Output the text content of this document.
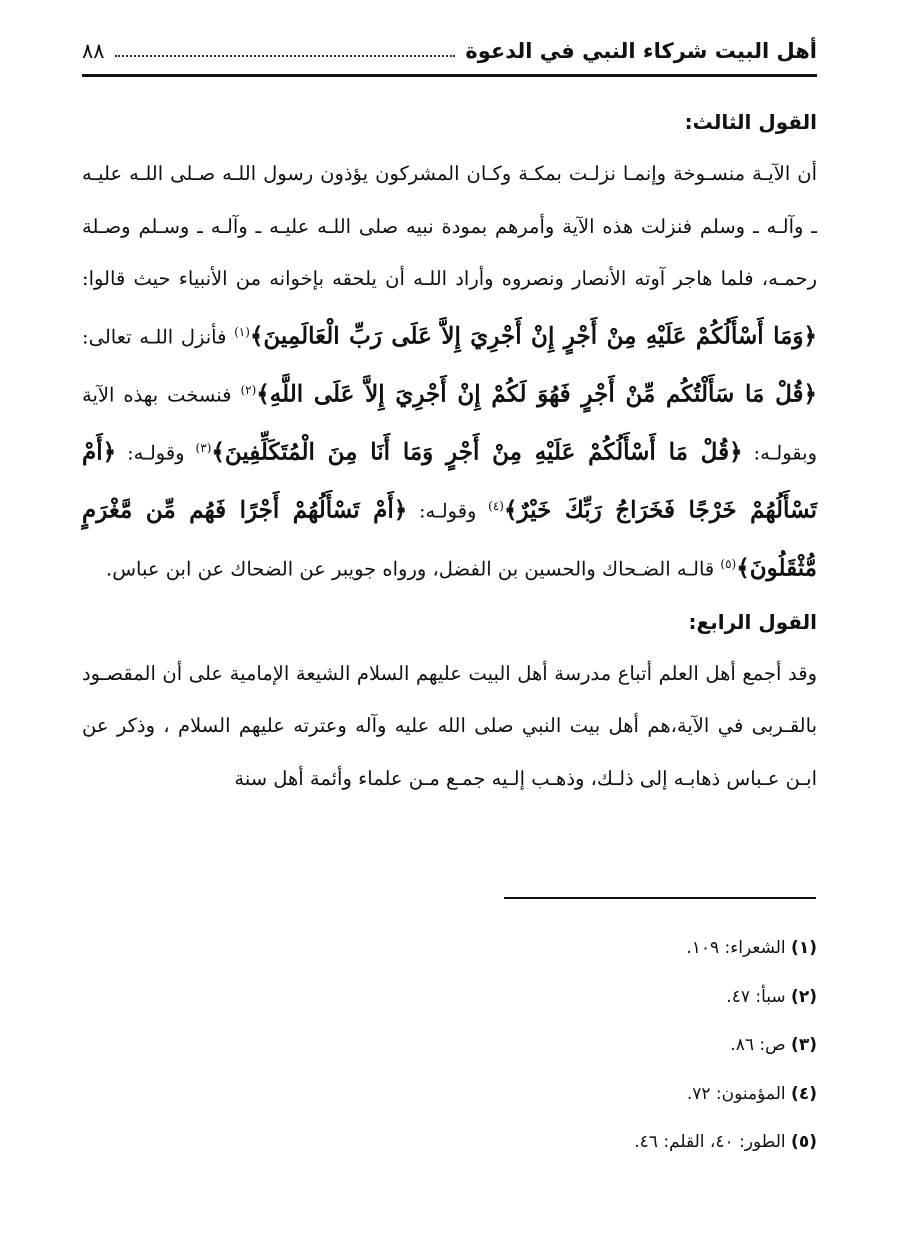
أهل البيت شركاء النبي في الدعوة
٨٨
القول الثالث:

أن الآيـة منسـوخة وإنمـا نزلـت بمكـة وكـان المشركون يؤذون رسول اللـه صـلى اللـه عليـه ـ وآلـه ـ وسلم فنزلت هذه الآية وأمرهم بمودة نبيه صلى اللـه عليـه ـ وآلـه ـ وسـلم وصـلة رحمـه، فلما هاجر آوته الأنصار ونصروه وأراد اللـه أن يلحقه بإخوانه من الأنبياء حيث قالوا: ﴿وَمَا أَسْأَلُكُمْ عَلَيْهِ مِنْ أَجْرٍ إِنْ أَجْرِيَ إِلاَّ عَلَى رَبِّ الْعَالَمِينَ﴾$^{(١)}$ فأنزل اللـه تعالى: ﴿قُلْ مَا سَأَلْتُكُم مِّنْ أَجْرٍ فَهُوَ لَكُمْ إِنْ أَجْرِيَ إِلاَّ عَلَى اللَّهِ﴾$^{(٢)}$ فنسخت بهذه الآية وبقولـه: ﴿قُلْ مَا أَسْأَلُكُمْ عَلَيْهِ مِنْ أَجْرٍ وَمَا أَنَا مِنَ الْمُتَكَلِّفِينَ﴾$^{(٣)}$ وقولـه: ﴿أَمْ تَسْأَلُهُمْ خَرْجًا فَخَرَاجُ رَبِّكَ خَيْرٌ﴾$^{(٤)}$ وقولـه: ﴿أَمْ تَسْأَلُهُمْ أَجْرًا فَهُم مِّن مَّغْرَمٍ مُّثْقَلُونَ﴾$^{(٥)}$ قالـه الضـحاك والحسين بن الفضل، ورواه جويبر عن الضحاك عن ابن عباس.

القول الرابع:

وقد أجمع أهل العلم أتباع مدرسة أهل البيت عليهم السلام الشيعة الإمامية على أن المقصـود بالقـربى في الآية،هم أهل بيت النبي صلى الله عليه وآله وعترته عليهم السلام ، وذكر عن ابـن عـباس ذهابـه إلى ذلـك، وذهـب إلـيه جمـع مـن علماء وأئمة أهل سنة

(١) الشعراء: ١٠٩.
(٢) سبأ: ٤٧.
(٣) ص: ٨٦.
(٤) المؤمنون: ٧٢.
(٥) الطور: ٤٠، القلم: ٤٦.
